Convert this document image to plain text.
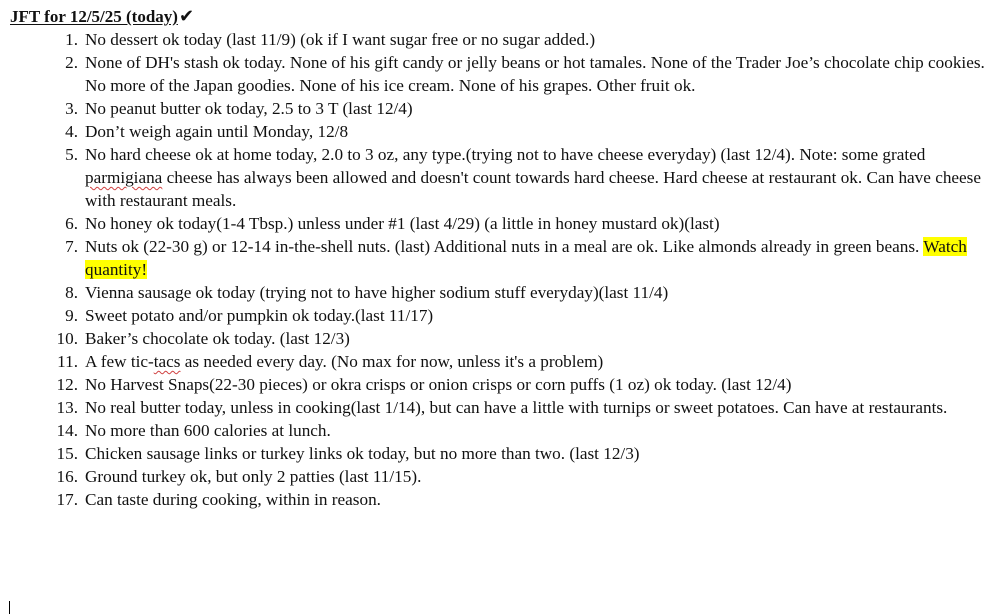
JFT for 12/5/25 (today)✔
1. No dessert ok today (last 11/9) (ok if I want sugar free or no sugar added.)
2. None of DH's stash ok today. None of his gift candy or jelly beans or hot tamales. None of the Trader Joe’s chocolate chip cookies. No more of the Japan goodies. None of his ice cream. None of his grapes. Other fruit ok.
3. No peanut butter ok today, 2.5 to 3 T (last 12/4)
4. Don’t weigh again until Monday, 12/8
5. No hard cheese ok at home today, 2.0 to 3 oz, any type.(trying not to have cheese everyday) (last 12/4). Note: some grated parmigiana cheese has always been allowed and doesn't count towards hard cheese. Hard cheese at restaurant ok. Can have cheese with restaurant meals.
6. No honey ok today(1-4 Tbsp.) unless under #1 (last 4/29) (a little in honey mustard ok)(last)
7. Nuts ok (22-30 g) or 12-14 in-the-shell nuts. (last) Additional nuts in a meal are ok. Like almonds already in green beans. Watch quantity!
8. Vienna sausage ok today (trying not to have higher sodium stuff everyday)(last 11/4)
9. Sweet potato and/or pumpkin ok today.(last 11/17)
10. Baker’s chocolate ok today. (last 12/3)
11. A few tic-tacs as needed every day. (No max for now, unless it's a problem)
12. No Harvest Snaps(22-30 pieces) or okra crisps or onion crisps or corn puffs (1 oz) ok today. (last 12/4)
13. No real butter today, unless in cooking(last 1/14), but can have a little with turnips or sweet potatoes. Can have at restaurants.
14. No more than 600 calories at lunch.
15. Chicken sausage links or turkey links ok today, but no more than two. (last 12/3)
16. Ground turkey ok, but only 2 patties (last 11/15).
17. Can taste during cooking, within in reason.
